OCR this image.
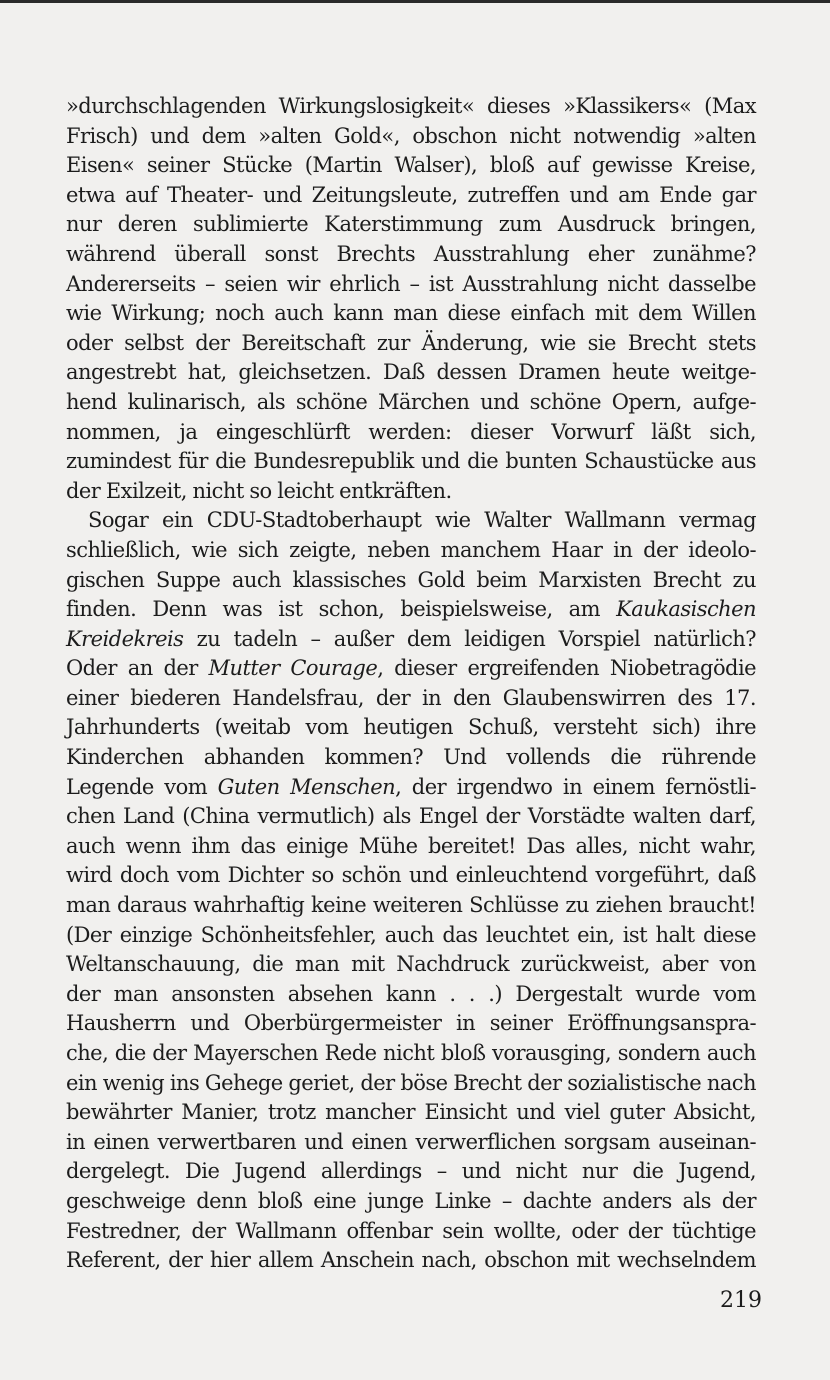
»durchschlagenden Wirkungslosigkeit« dieses »Klassikers« (Max
Frisch) und dem »alten Gold«, obschon nicht notwendig »alten
Eisen« seiner Stücke (Martin Walser), bloß auf gewisse Kreise,
etwa auf Theater- und Zeitungsleute, zutreffen und am Ende gar
nur deren sublimierte Katerstimmung zum Ausdruck bringen,
während überall sonst Brechts Ausstrahlung eher zunähme?
Andererseits – seien wir ehrlich – ist Ausstrahlung nicht dasselbe
wie Wirkung; noch auch kann man diese einfach mit dem Willen
oder selbst der Bereitschaft zur Änderung, wie sie Brecht stets
angestrebt hat, gleichsetzen. Daß dessen Dramen heute weitge-
hend kulinarisch, als schöne Märchen und schöne Opern, aufge-
nommen, ja eingeschlürft werden: dieser Vorwurf läßt sich,
zumindest für die Bundesrepublik und die bunten Schaustücke aus
der Exilzeit, nicht so leicht entkräften.
Sogar ein CDU-Stadtoberhaupt wie Walter Wallmann vermag
schließlich, wie sich zeigte, neben manchem Haar in der ideolo-
gischen Suppe auch klassisches Gold beim Marxisten Brecht zu
finden. Denn was ist schon, beispielsweise, am Kaukasischen
Kreidekreis zu tadeln – außer dem leidigen Vorspiel natürlich?
Oder an der Mutter Courage, dieser ergreifenden Niobetragödie
einer biederen Handelsfrau, der in den Glaubenswirren des 17.
Jahrhunderts (weitab vom heutigen Schuß, versteht sich) ihre
Kinderchen abhanden kommen? Und vollends die rührende
Legende vom Guten Menschen, der irgendwo in einem fernöstli-
chen Land (China vermutlich) als Engel der Vorstädte walten darf,
auch wenn ihm das einige Mühe bereitet! Das alles, nicht wahr,
wird doch vom Dichter so schön und einleuchtend vorgeführt, daß
man daraus wahrhaftig keine weiteren Schlüsse zu ziehen braucht!
(Der einzige Schönheitsfehler, auch das leuchtet ein, ist halt diese
Weltanschauung, die man mit Nachdruck zurückweist, aber von
der man ansonsten absehen kann . . .) Dergestalt wurde vom
Hausherrn und Oberbürgermeister in seiner Eröffnungsanspra-
che, die der Mayerschen Rede nicht bloß vorausging, sondern auch
ein wenig ins Gehege geriet, der böse Brecht der sozialistische nach
bewährter Manier, trotz mancher Einsicht und viel guter Absicht,
in einen verwertbaren und einen verwerflichen sorgsam auseinan-
dergelegt. Die Jugend allerdings – und nicht nur die Jugend,
geschweige denn bloß eine junge Linke – dachte anders als der
Festredner, der Wallmann offenbar sein wollte, oder der tüchtige
Referent, der hier allem Anschein nach, obschon mit wechselndem
219
